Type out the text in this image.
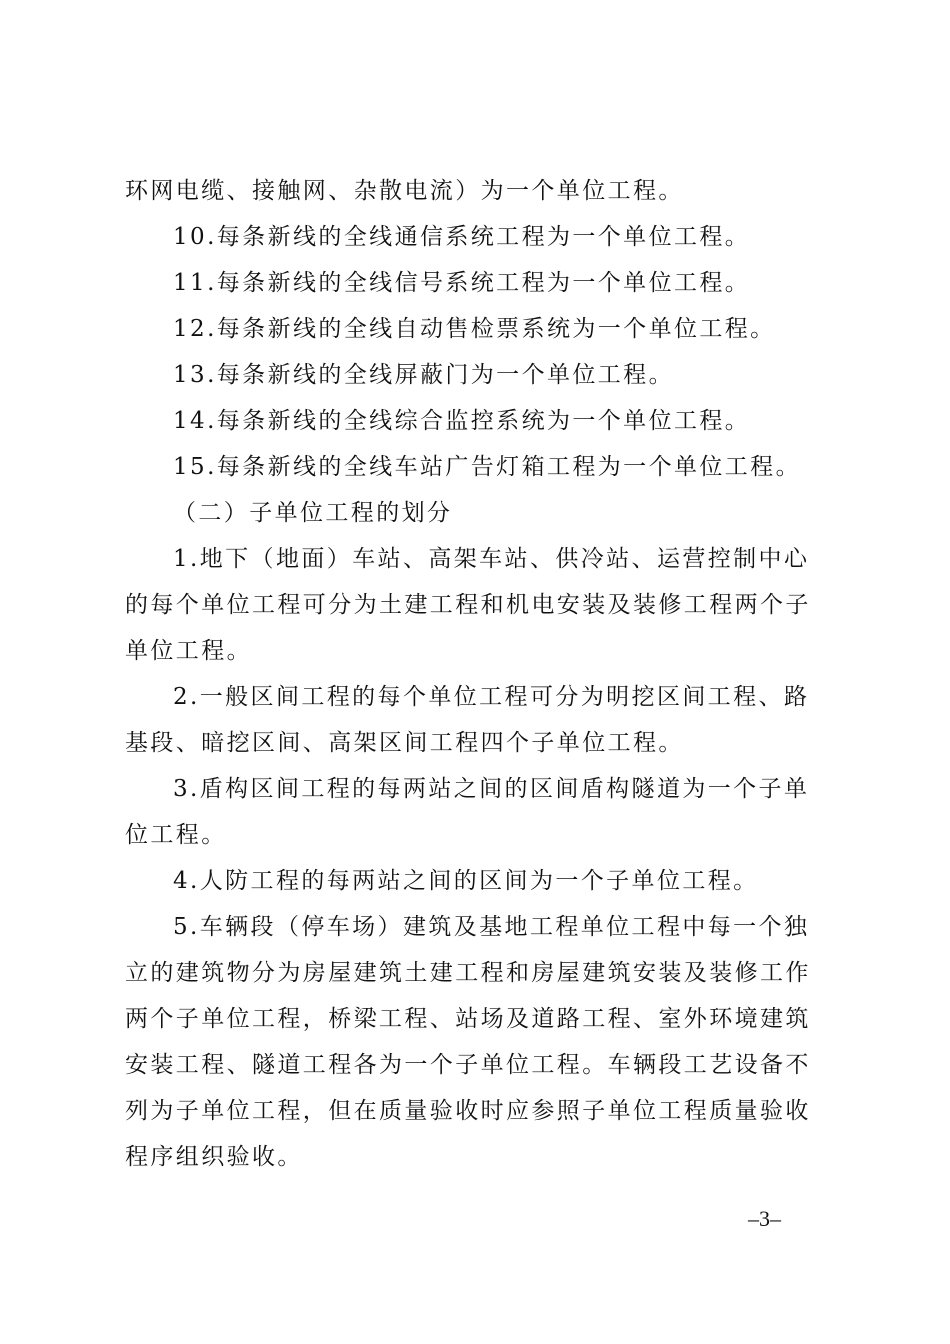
环网电缆、接触网、杂散电流）为一个单位工程。

10.每条新线的全线通信系统工程为一个单位工程。

11.每条新线的全线信号系统工程为一个单位工程。

12.每条新线的全线自动售检票系统为一个单位工程。

13.每条新线的全线屏蔽门为一个单位工程。

14.每条新线的全线综合监控系统为一个单位工程。

15.每条新线的全线车站广告灯箱工程为一个单位工程。

（二）子单位工程的划分

1.地下（地面）车站、高架车站、供冷站、运营控制中心的每个单位工程可分为土建工程和机电安装及装修工程两个子单位工程。

2.一般区间工程的每个单位工程可分为明挖区间工程、路基段、暗挖区间、高架区间工程四个子单位工程。

3.盾构区间工程的每两站之间的区间盾构隧道为一个子单位工程。

4.人防工程的每两站之间的区间为一个子单位工程。

5.车辆段（停车场）建筑及基地工程单位工程中每一个独立的建筑物分为房屋建筑土建工程和房屋建筑安装及装修工作两个子单位工程，桥梁工程、站场及道路工程、室外环境建筑安装工程、隧道工程各为一个子单位工程。车辆段工艺设备不列为子单位工程，但在质量验收时应参照子单位工程质量验收程序组织验收。

–3–
